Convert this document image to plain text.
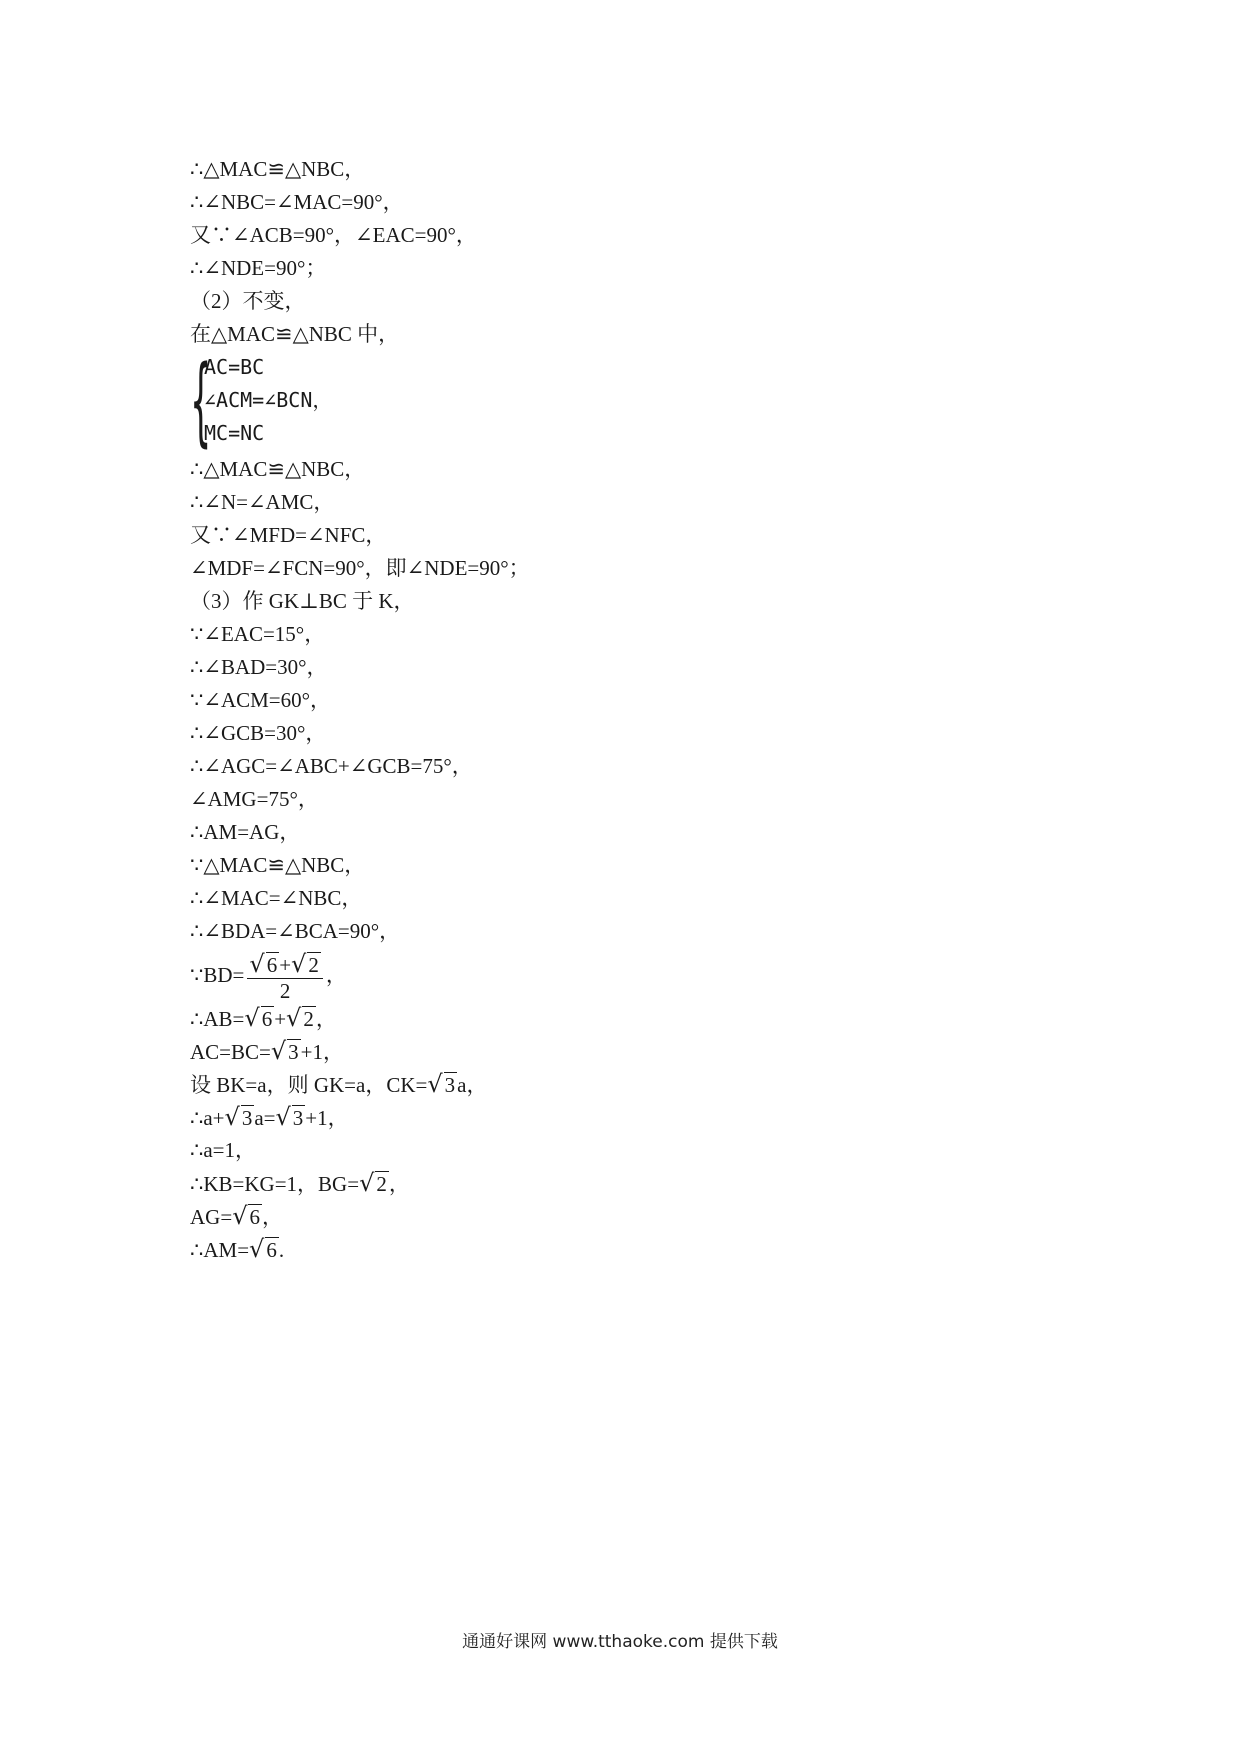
∴△MAC≌△NBC，
∴∠NBC=∠MAC=90°，
又∵∠ACB=90°，∠EAC=90°，
∴∠NDE=90°；
（2）不变，
在△MAC≌△NBC 中，
{
AC=BC
∠ACM=∠BCN，
MC=NC
∴△MAC≌△NBC，
∴∠N=∠AMC，
又∵∠MFD=∠NFC，
∠MDF=∠FCN=90°，即∠NDE=90°；
（3）作 GK⊥BC 于 K，
∵∠EAC=15°，
∴∠BAD=30°，
∵∠ACM=60°，
∴∠GCB=30°，
∴∠AGC=∠ABC+∠GCB=75°，
∠AMG=75°，
∴AM=AG，
∵△MAC≌△NBC，
∴∠MAC=∠NBC，
∴∠BDA=∠BCA=90°，
∵BD= $\frac{√6+√2}{2}$ ，
∴AB=√6+√2，
AC=BC=√3+1，
设 BK=a，则 GK=a，CK=√3a，
∴a+√3a=√3+1，
∴a=1，
∴KB=KG=1，BG=√2，
AG=√6，
∴AM=√6.
通通好课网 www.tthaoke.com 提供下载
